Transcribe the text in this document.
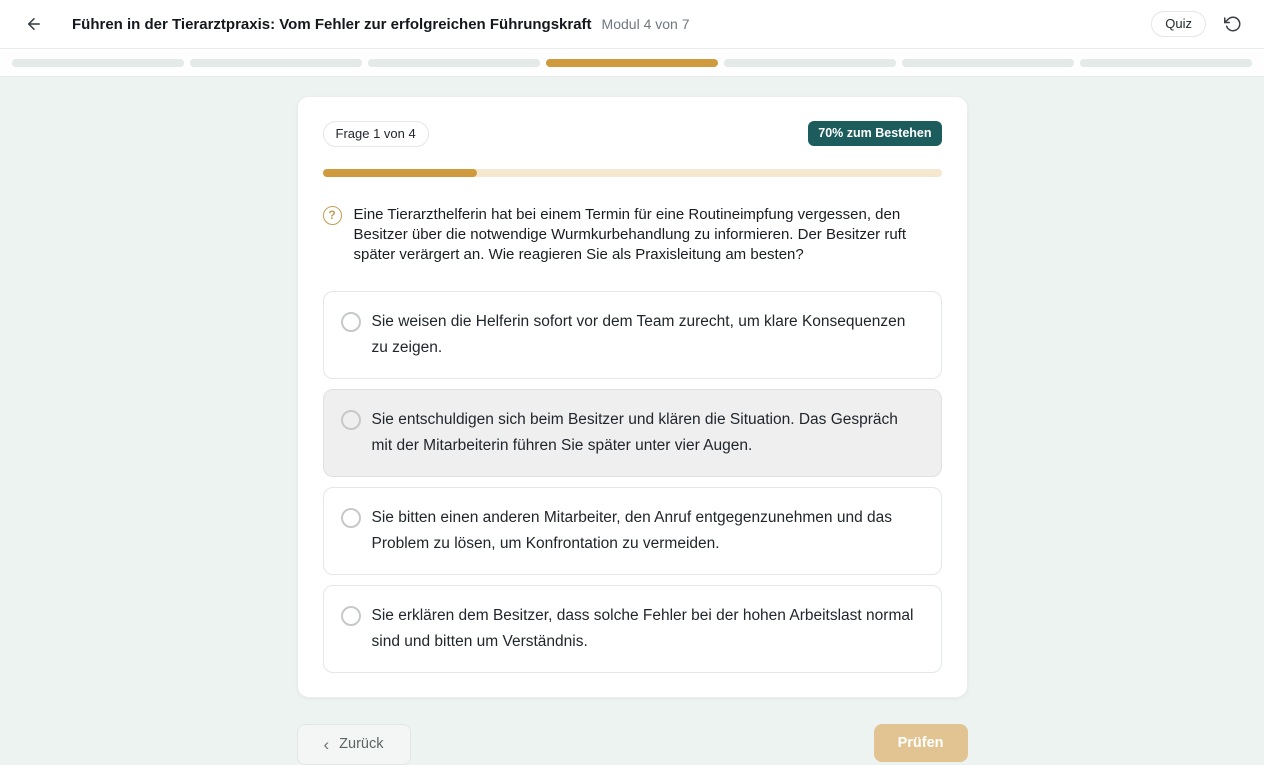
Führen in der Tierarztpraxis: Vom Fehler zur erfolgreichen Führungskraft Modul 4 von 7	Quiz
Frage 1 von 4	70% zum Bestehen
?	Eine Tierarzthelferin hat bei einem Termin für eine Routineimpfung vergessen, den Besitzer über die notwendige Wurmkurbehandlung zu informieren. Der Besitzer ruft später verärgert an. Wie reagieren Sie als Praxisleitung am besten?
Sie weisen die Helferin sofort vor dem Team zurecht, um klare Konsequenzen zu zeigen.
Sie entschuldigen sich beim Besitzer und klären die Situation. Das Gespräch mit der Mitarbeiterin führen Sie später unter vier Augen.
Sie bitten einen anderen Mitarbeiter, den Anruf entgegenzunehmen und das Problem zu lösen, um Konfrontation zu vermeiden.
Sie erklären dem Besitzer, dass solche Fehler bei der hohen Arbeitslast normal sind und bitten um Verständnis.
‹ Zurück	Prüfen
